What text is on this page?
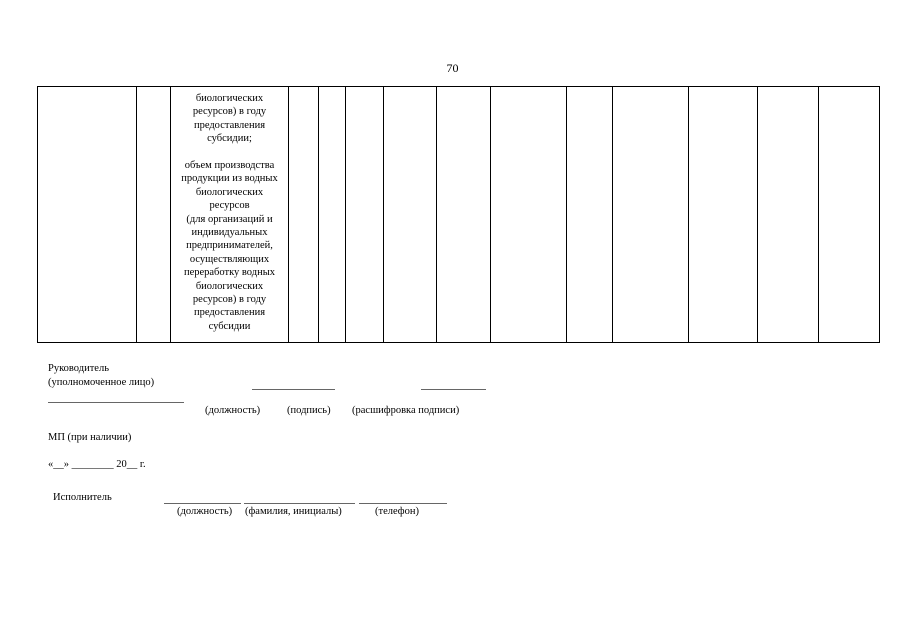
70

биологических

ресурсов) в году

предоставления

субсидии;

объем производства

продукции из водных

биологических

ресурсов

(для организаций и

индивидуальных

предпринимателей,

осуществляющих

переработку водных

биологических

ресурсов) в году

предоставления

субсидии

Руководитель
(уполномоченное лицо)
(должность)	(подпись) (расшифровка подписи)
МП (при наличии)
«__» ________ 20__ г.
Исполнитель
(должность) (фамилия, инициалы)	(телефон)
